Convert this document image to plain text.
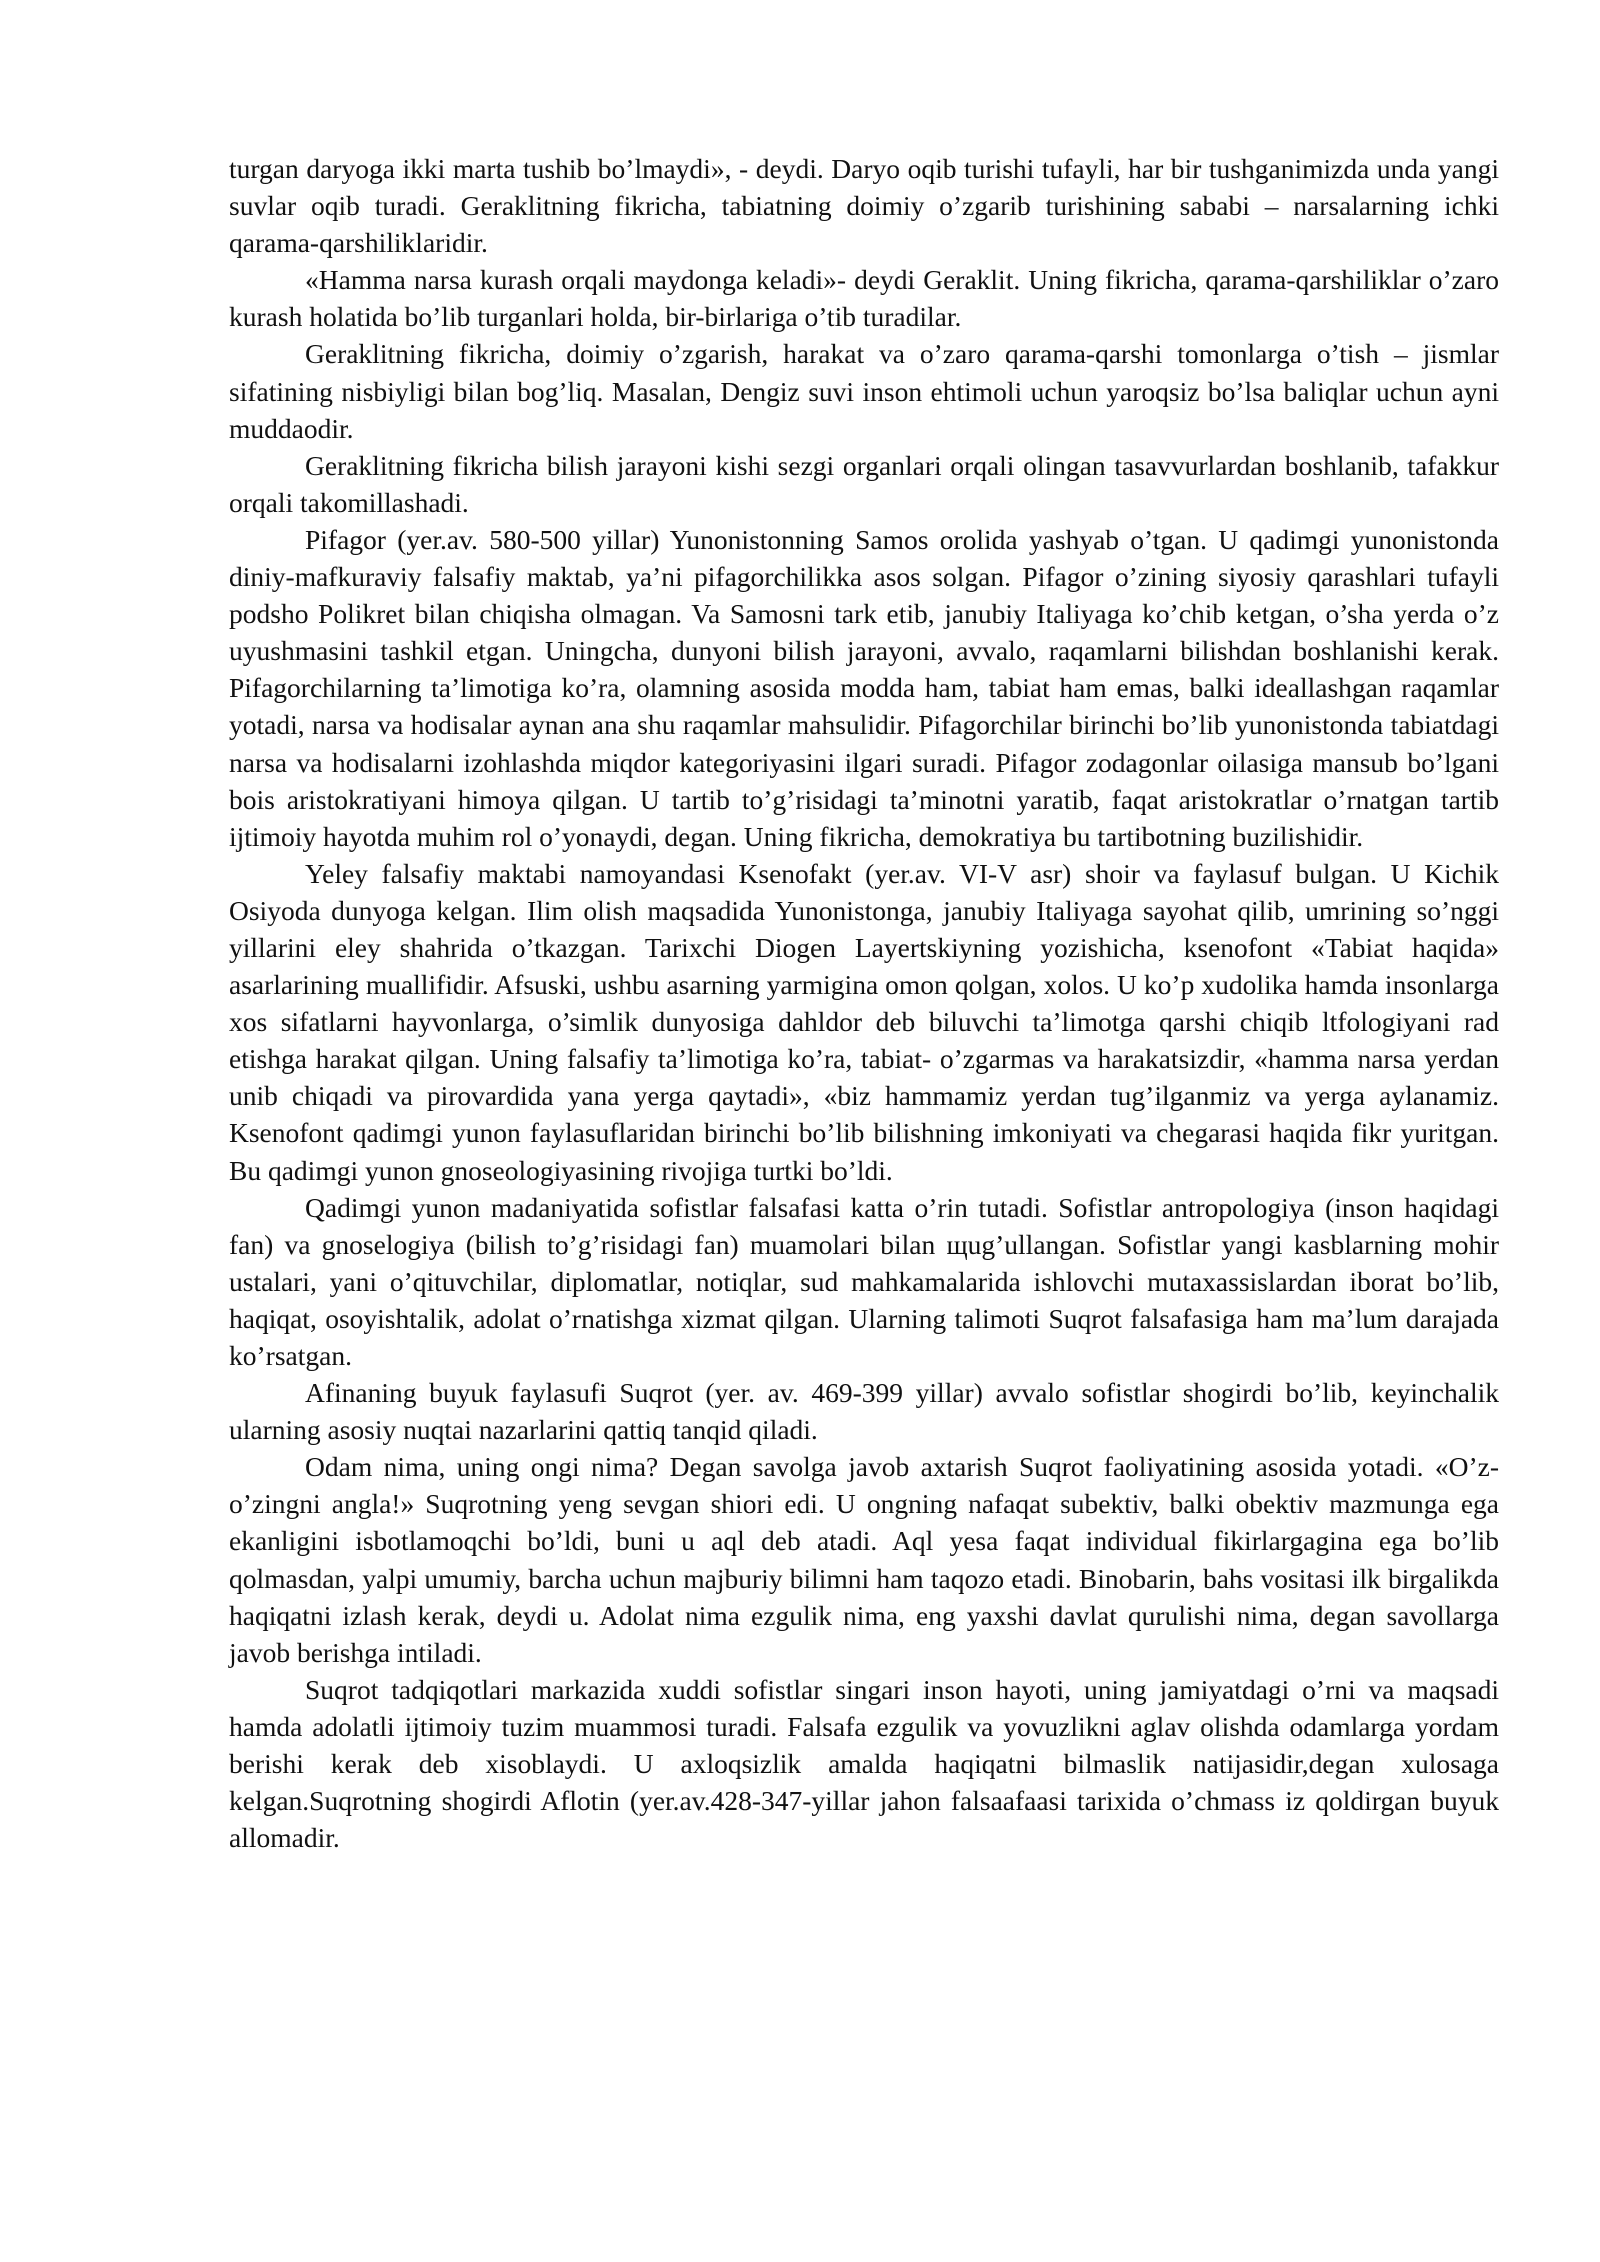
turgan daryoga ikki marta tushib bo’lmaydi», - deydi. Daryo oqib turishi tufayli, har bir tushganimizda unda yangi suvlar oqib turadi. Geraklitning fikricha, tabiatning doimiy o’zgarib turishining sababi – narsalarning ichki qarama-qarshiliklaridir.

«Hamma narsa kurash orqali maydonga keladi»- deydi Geraklit. Uning fikricha, qarama-qarshiliklar o’zaro kurash holatida bo’lib turganlari holda, bir-birlariga o’tib turadilar.

Geraklitning fikricha, doimiy o’zgarish, harakat va o’zaro qarama-qarshi tomonlarga o’tish – jismlar sifatining nisbiyligi bilan bog’liq. Masalan, Dengiz suvi inson ehtimoli uchun yaroqsiz bo’lsa baliqlar uchun ayni muddaodir.

Geraklitning fikricha bilish jarayoni kishi sezgi organlari orqali olingan tasavvurlardan boshlanib, tafakkur orqali takomillashadi.

Pifagor (yer.av. 580-500 yillar) Yunonistonning Samos orolida yashyab o’tgan. U qadimgi yunonistonda diniy-mafkuraviy falsafiy maktab, ya’ni pifagorchilikka asos solgan. Pifagor o’zining siyosiy qarashlari tufayli podsho Polikret bilan chiqisha olmagan. Va Samosni tark etib, janubiy Italiyaga ko’chib ketgan, o’sha yerda o’z uyushmasini tashkil etgan. Uningcha, dunyoni bilish jarayoni, avvalo, raqamlarni bilishdan boshlanishi kerak. Pifagorchilarning ta’limotiga ko’ra, olamning asosida modda ham, tabiat ham emas, balki ideallashgan raqamlar yotadi, narsa va hodisalar aynan ana shu raqamlar mahsulidir. Pifagorchilar birinchi bo’lib yunonistonda tabiatdagi narsa va hodisalarni izohlashda miqdor kategoriyasini ilgari suradi. Pifagor zodagonlar oilasiga mansub bo’lgani bois aristokratiyani himoya qilgan. U tartib to’g’risidagi ta’minotni yaratib, faqat aristokratlar o’rnatgan tartib ijtimoiy hayotda muhim rol o’yonaydi, degan. Uning fikricha, demokratiya bu tartibotning buzilishidir.

Yeley falsafiy maktabi namoyandasi Ksenofakt (yer.av. VI-V asr) shoir va faylasuf bulgan. U Kichik Osiyoda dunyoga kelgan. Ilim olish maqsadida Yunonistonga, janubiy Italiyaga sayohat qilib, umrining so’nggi yillarini eley shahrida o’tkazgan. Tarixchi Diogen Layertskiyning yozishicha, ksenofont «Tabiat haqida» asarlarining muallifidir. Afsuski, ushbu asarning yarmigina omon qolgan, xolos. U ko’p xudolika hamda insonlarga xos sifatlarni hayvonlarga, o’simlik dunyosiga dahldor deb biluvchi ta’limotga qarshi chiqib ltfologiyani rad etishga harakat qilgan. Uning falsafiy ta’limotiga ko’ra, tabiat- o’zgarmas va harakatsizdir, «hamma narsa yerdan unib chiqadi va pirovardida yana yerga qaytadi», «biz hammamiz yerdan tug’ilganmiz va yerga aylanamiz. Ksenofont qadimgi yunon faylasuflaridan birinchi bo’lib bilishning imkoniyati va chegarasi haqida fikr yuritgan. Bu qadimgi yunon gnoseologiyasining rivojiga turtki bo’ldi.

Qadimgi yunon madaniyatida sofistlar falsafasi katta o’rin tutadi. Sofistlar antropologiya (inson haqidagi fan) va gnoselogiya (bilish to’g’risidagi fan) muamolari bilan щug’ullangan. Sofistlar yangi kasblarning mohir ustalari, yani o’qituvchilar, diplomatlar, notiqlar, sud mahkamalarida ishlovchi mutaxassislardan iborat bo’lib, haqiqat, osoyishtalik, adolat o’rnatishga xizmat qilgan. Ularning talimoti Suqrot falsafasiga ham ma’lum darajada ko’rsatgan.

Afinaning buyuk faylasufi Suqrot (yer. av. 469-399 yillar) avvalo sofistlar shogirdi bo’lib, keyinchalik ularning asosiy nuqtai nazarlarini qattiq tanqid qiladi.

Odam nima, uning ongi nima? Degan savolga javob axtarish Suqrot faoliyatining asosida yotadi. «O’z-o’zingni angla!» Suqrotning yeng sevgan shiori edi. U ongning nafaqat subektiv, balki obektiv mazmunga ega ekanligini isbotlamoqchi bo’ldi, buni u aql deb atadi. Aql yesa faqat individual fikirlargagina ega bo’lib qolmasdan, yalpi umumiy, barcha uchun majburiy bilimni ham taqozo etadi. Binobarin, bahs vositasi ilk birgalikda haqiqatni izlash kerak, deydi u. Adolat nima ezgulik nima, eng yaxshi davlat qurulishi nima, degan savollarga javob berishga intiladi.

Suqrot tadqiqotlari markazida xuddi sofistlar singari inson hayoti, uning jamiyatdagi o’rni va maqsadi hamda adolatli ijtimoiy tuzim muammosi turadi. Falsafa ezgulik va yovuzlikni aglav olishda odamlarga yordam berishi kerak deb xisoblaydi. U axloqsizlik amalda haqiqatni bilmaslik natijasidir,degan xulosaga kelgan.Suqrotning shogirdi Aflotin (yer.av.428-347-yillar jahon falsaafaasi tarixida o’chmass iz qoldirgan buyuk allomadir.
